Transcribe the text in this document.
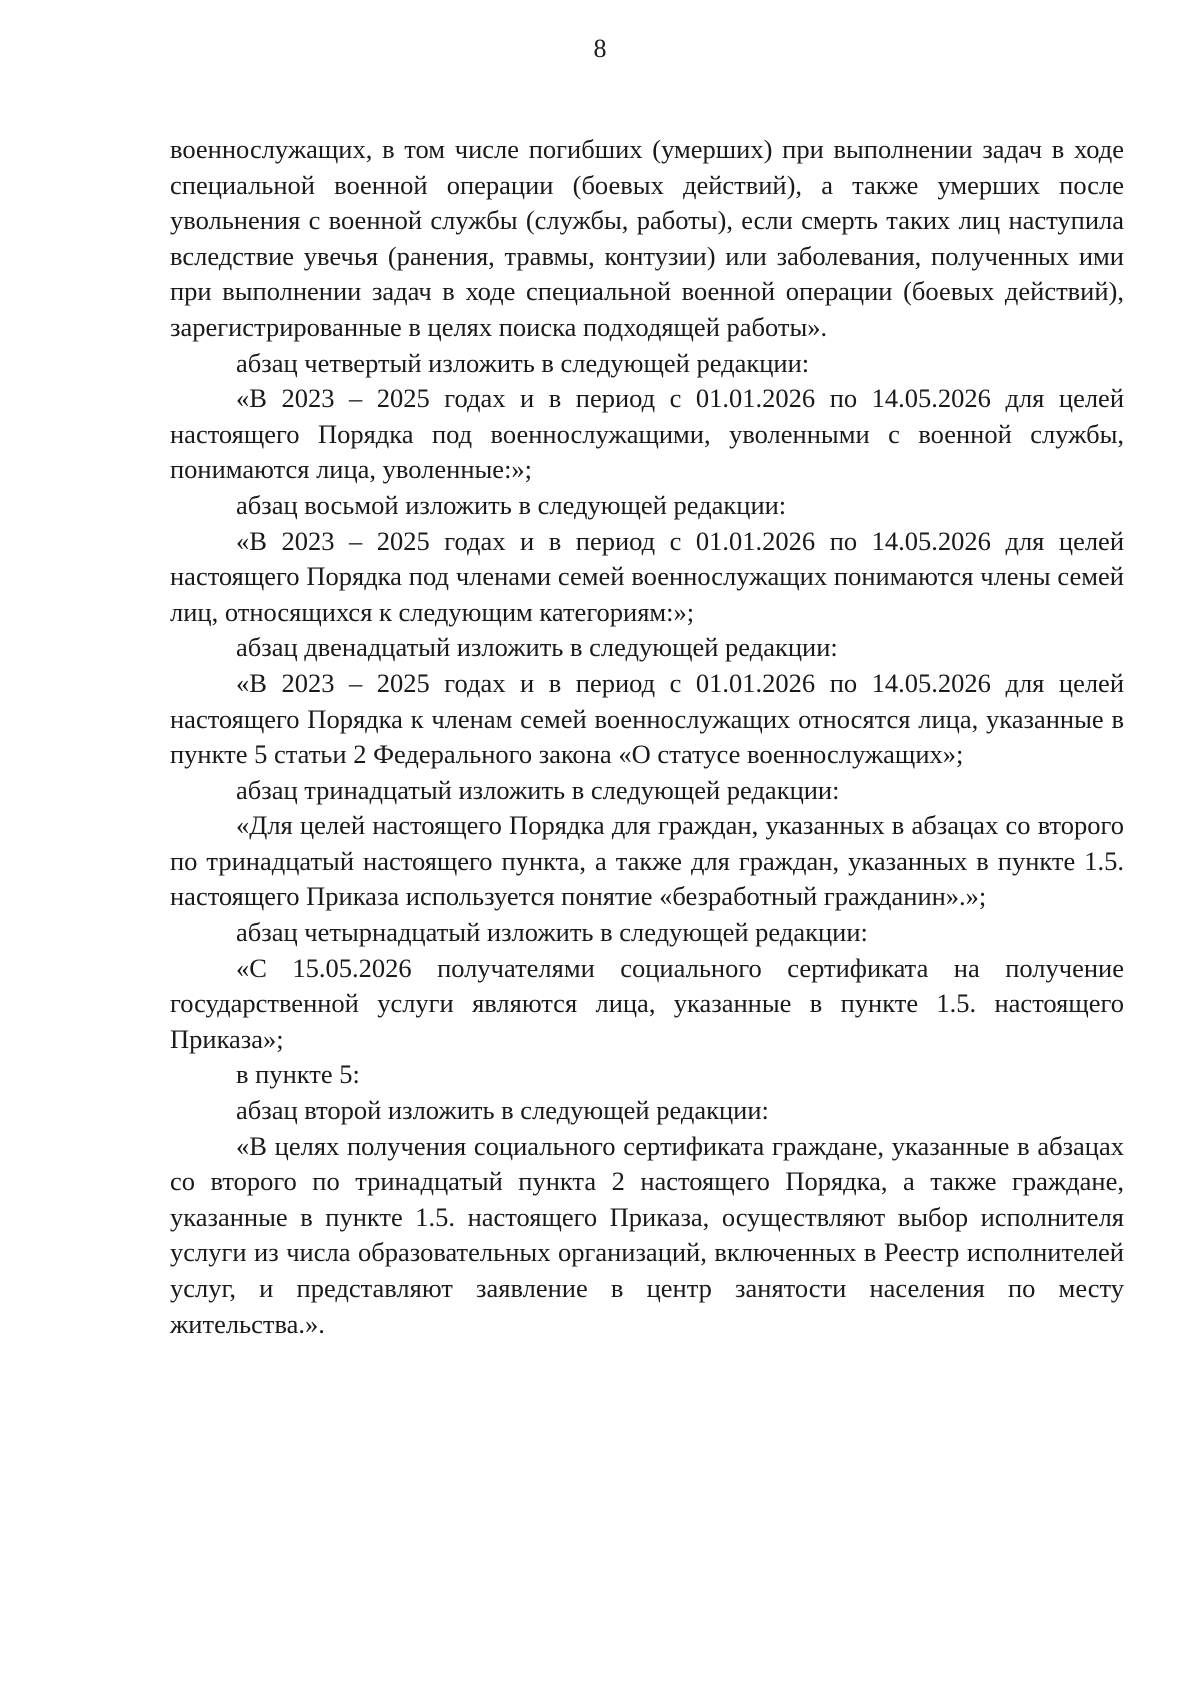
8

военнослужащих, в том числе погибших (умерших) при выполнении задач в ходе специальной военной операции (боевых действий), а также умерших после увольнения с военной службы (службы, работы), если смерть таких лиц наступила вследствие увечья (ранения, травмы, контузии) или заболевания, полученных ими при выполнении задач в ходе специальной военной операции (боевых действий), зарегистрированные в целях поиска подходящей работы».

абзац четвертый изложить в следующей редакции:

«В 2023 – 2025 годах и в период с 01.01.2026 по 14.05.2026 для целей настоящего Порядка под военнослужащими, уволенными с военной службы, понимаются лица, уволенные:»;

абзац восьмой изложить в следующей редакции:

«В 2023 – 2025 годах и в период с 01.01.2026 по 14.05.2026 для целей настоящего Порядка под членами семей военнослужащих понимаются члены семей лиц, относящихся к следующим категориям:»;

абзац двенадцатый изложить в следующей редакции:

«В 2023 – 2025 годах и в период с 01.01.2026 по 14.05.2026 для целей настоящего Порядка к членам семей военнослужащих относятся лица, указанные в пункте 5 статьи 2 Федерального закона «О статусе военнослужащих»;

абзац тринадцатый изложить в следующей редакции:

«Для целей настоящего Порядка для граждан, указанных в абзацах со второго по тринадцатый настоящего пункта, а также для граждан, указанных в пункте 1.5. настоящего Приказа используется понятие «безработный гражданин».»;

абзац четырнадцатый изложить в следующей редакции:

«С 15.05.2026 получателями социального сертификата на получение государственной услуги являются лица, указанные в пункте 1.5. настоящего Приказа»;

в пункте 5:

абзац второй изложить в следующей редакции:

«В целях получения социального сертификата граждане, указанные в абзацах со второго по тринадцатый пункта 2 настоящего Порядка, а также граждане, указанные в пункте 1.5. настоящего Приказа, осуществляют выбор исполнителя услуги из числа образовательных организаций, включенных в Реестр исполнителей услуг, и представляют заявление в центр занятости населения по месту жительства.».
